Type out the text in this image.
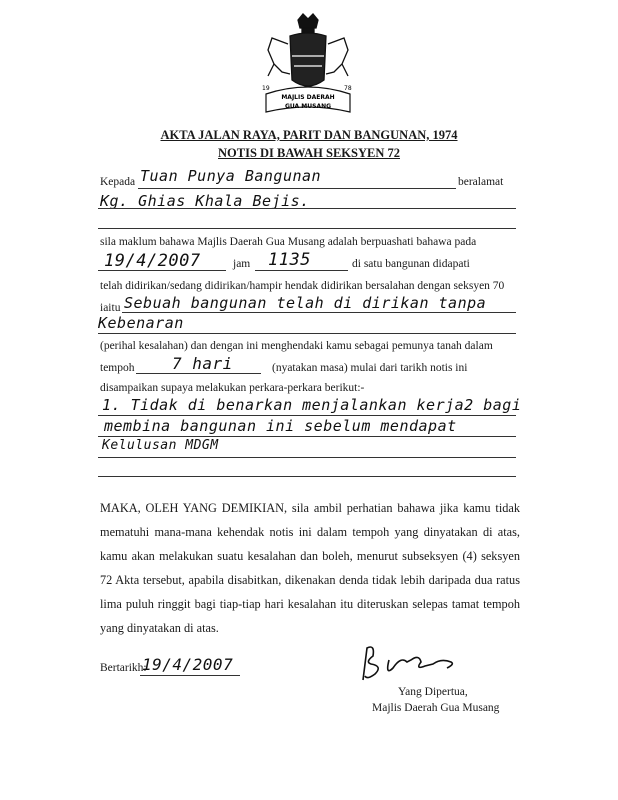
19	78
MAJLIS DAERAH
GUA MUSANG
AKTA JALAN RAYA, PARIT DAN BANGUNAN, 1974
NOTIS DI BAWAH SEKSYEN 72
Kepada Tuan Punya Bangunan	beralamat
Kg. Ghias Khala Bejis.
sila maklum bahawa Majlis Daerah Gua Musang adalah berpuashati bahawa pada
19/4/2007	jam 1135	di satu bangunan didapati
telah didirikan/sedang didirikan/hampir hendak didirikan bersalahan dengan seksyen 70
iaitu Sebuah bangunan telah di dirikan tanpa
Kebenaran
(perihal kesalahan) dan dengan ini menghendaki kamu sebagai pemunya tanah dalam
tempoh 7 hari	(nyatakan masa) mulai dari tarikh notis ini
disampaikan supaya melakukan perkara-perkara berikut:-
1. Tidak di benarkan menjalankan kerja2 bagi
membina bangunan ini sebelum mendapat
Kelulusan MDGM
MAKA, OLEH YANG DEMIKIAN, sila ambil perhatian bahawa jika kamu tidak mematuhi mana-mana kehendak notis ini dalam tempoh yang dinyatakan di atas, kamu akan melakukan suatu kesalahan dan boleh, menurut subseksyen (4) seksyen 72 Akta tersebut, apabila disabitkan, dikenakan denda tidak lebih daripada dua ratus lima puluh ringgit bagi tiap-tiap hari kesalahan itu diteruskan selepas tamat tempoh yang dinyatakan di atas.
Bertarikh:
19/4/2007
Yang Dipertua,
Majlis Daerah Gua Musang
